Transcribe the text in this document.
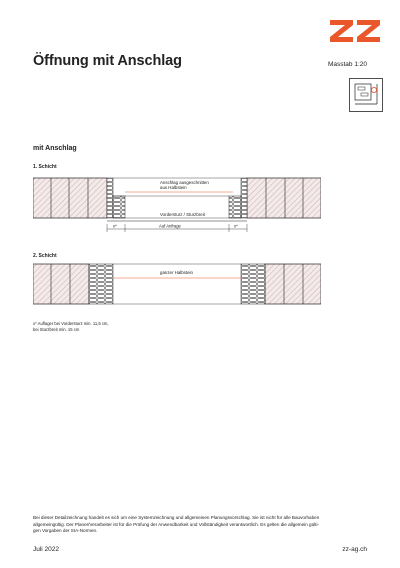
Öffnung mit Anschlag	Masstab 1:20
mit Anschlag
1. Schicht
Anschlag ausgeschnitten
aus Halbstein
Vordersturz / Sturzbreit
x*	Auf Anfrage	x*
2. Schicht
ganzer Halbstein
x* Auflager bei Vordersturz min. 11,5 cm,
bei Sturzbreit min. 15 cm
Bei dieser Detailzeichnung handelt es sich um eine Systemzeichnung und allgemeinen Planungsvorschlag. Sie ist nicht für alle Bauvorhaben
allgemeingültig. Der Planer/Verarbeiter ist für die Prüfung der Anwendbarkeit und Vollständigkeit verantwortlich. Es gelten die allgemein gülti-
gen Vorgaben der SIA-Normen.
Juli 2022	zz-ag.ch
